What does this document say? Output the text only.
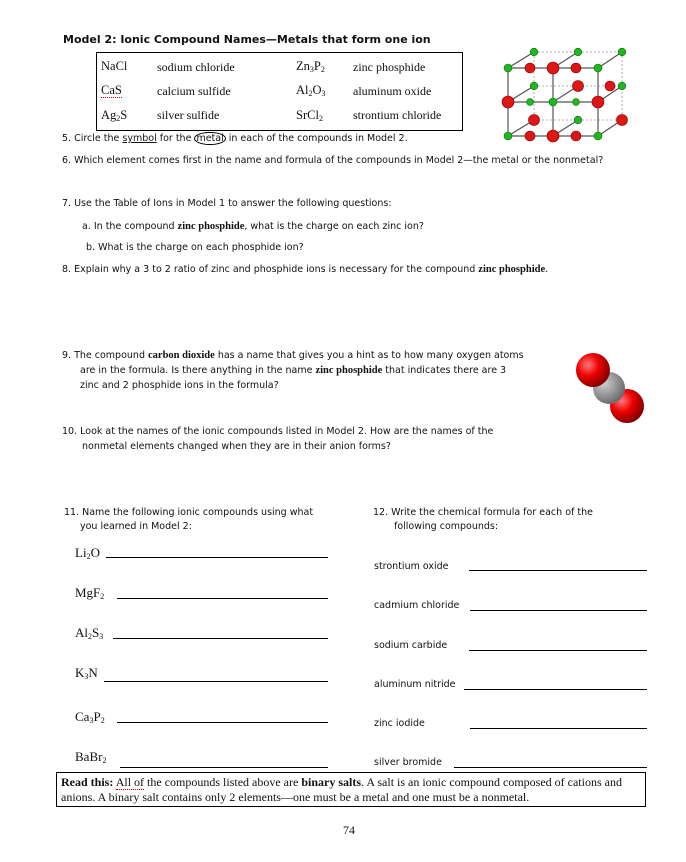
Model 2: Ionic Compound Names—Metals that form one ion
NaCl sodium chloride
CaS	calcium sulfide
$Ag_2S$ silver sulfide
$Zn_3P_2$ zinc phosphide
$Al_2O_3$ aluminum oxide
SrCl$_2$	strontium chloride
5. Circle the symbol for the metal in each of the compounds in Model 2.
6. Which element comes first in the name and formula of the compounds in Model 2—the metal or the nonmetal?
7. Use the Table of Ions in Model 1 to answer the following questions:
a. In the compound zinc phosphide, what is the charge on each zinc ion?
b. What is the charge on each phosphide ion?
8. Explain why a 3 to 2 ratio of zinc and phosphide ions is necessary for the compound zinc phosphide.
9. The compound carbon dioxide has a name that gives you a hint as to how many oxygen atoms
are in the formula. Is there anything in the name zinc phosphide that indicates there are 3
zinc and 2 phosphide ions in the formula?
10. Look at the names of the ionic compounds listed in Model 2. How are the names of the
nonmetal elements changed when they are in their anion forms?
11. Name the following ionic compounds using what
you learned in Model 2:
12. Write the chemical formula for each of the
following compounds:
$Li_2O$
MgF$_2$
$Al_2S_3$
$K_3N$
$Ca_3P_2$
BaBr$_2$
strontium oxide
cadmium chloride
sodium carbide
aluminum nitride
zinc iodide
silver bromide
Read this: All of the compounds listed above are binary salts. A salt is an ionic compound composed of cations and
anions. A binary salt contains only 2 elements—one must be a metal and one must be a nonmetal.
74
